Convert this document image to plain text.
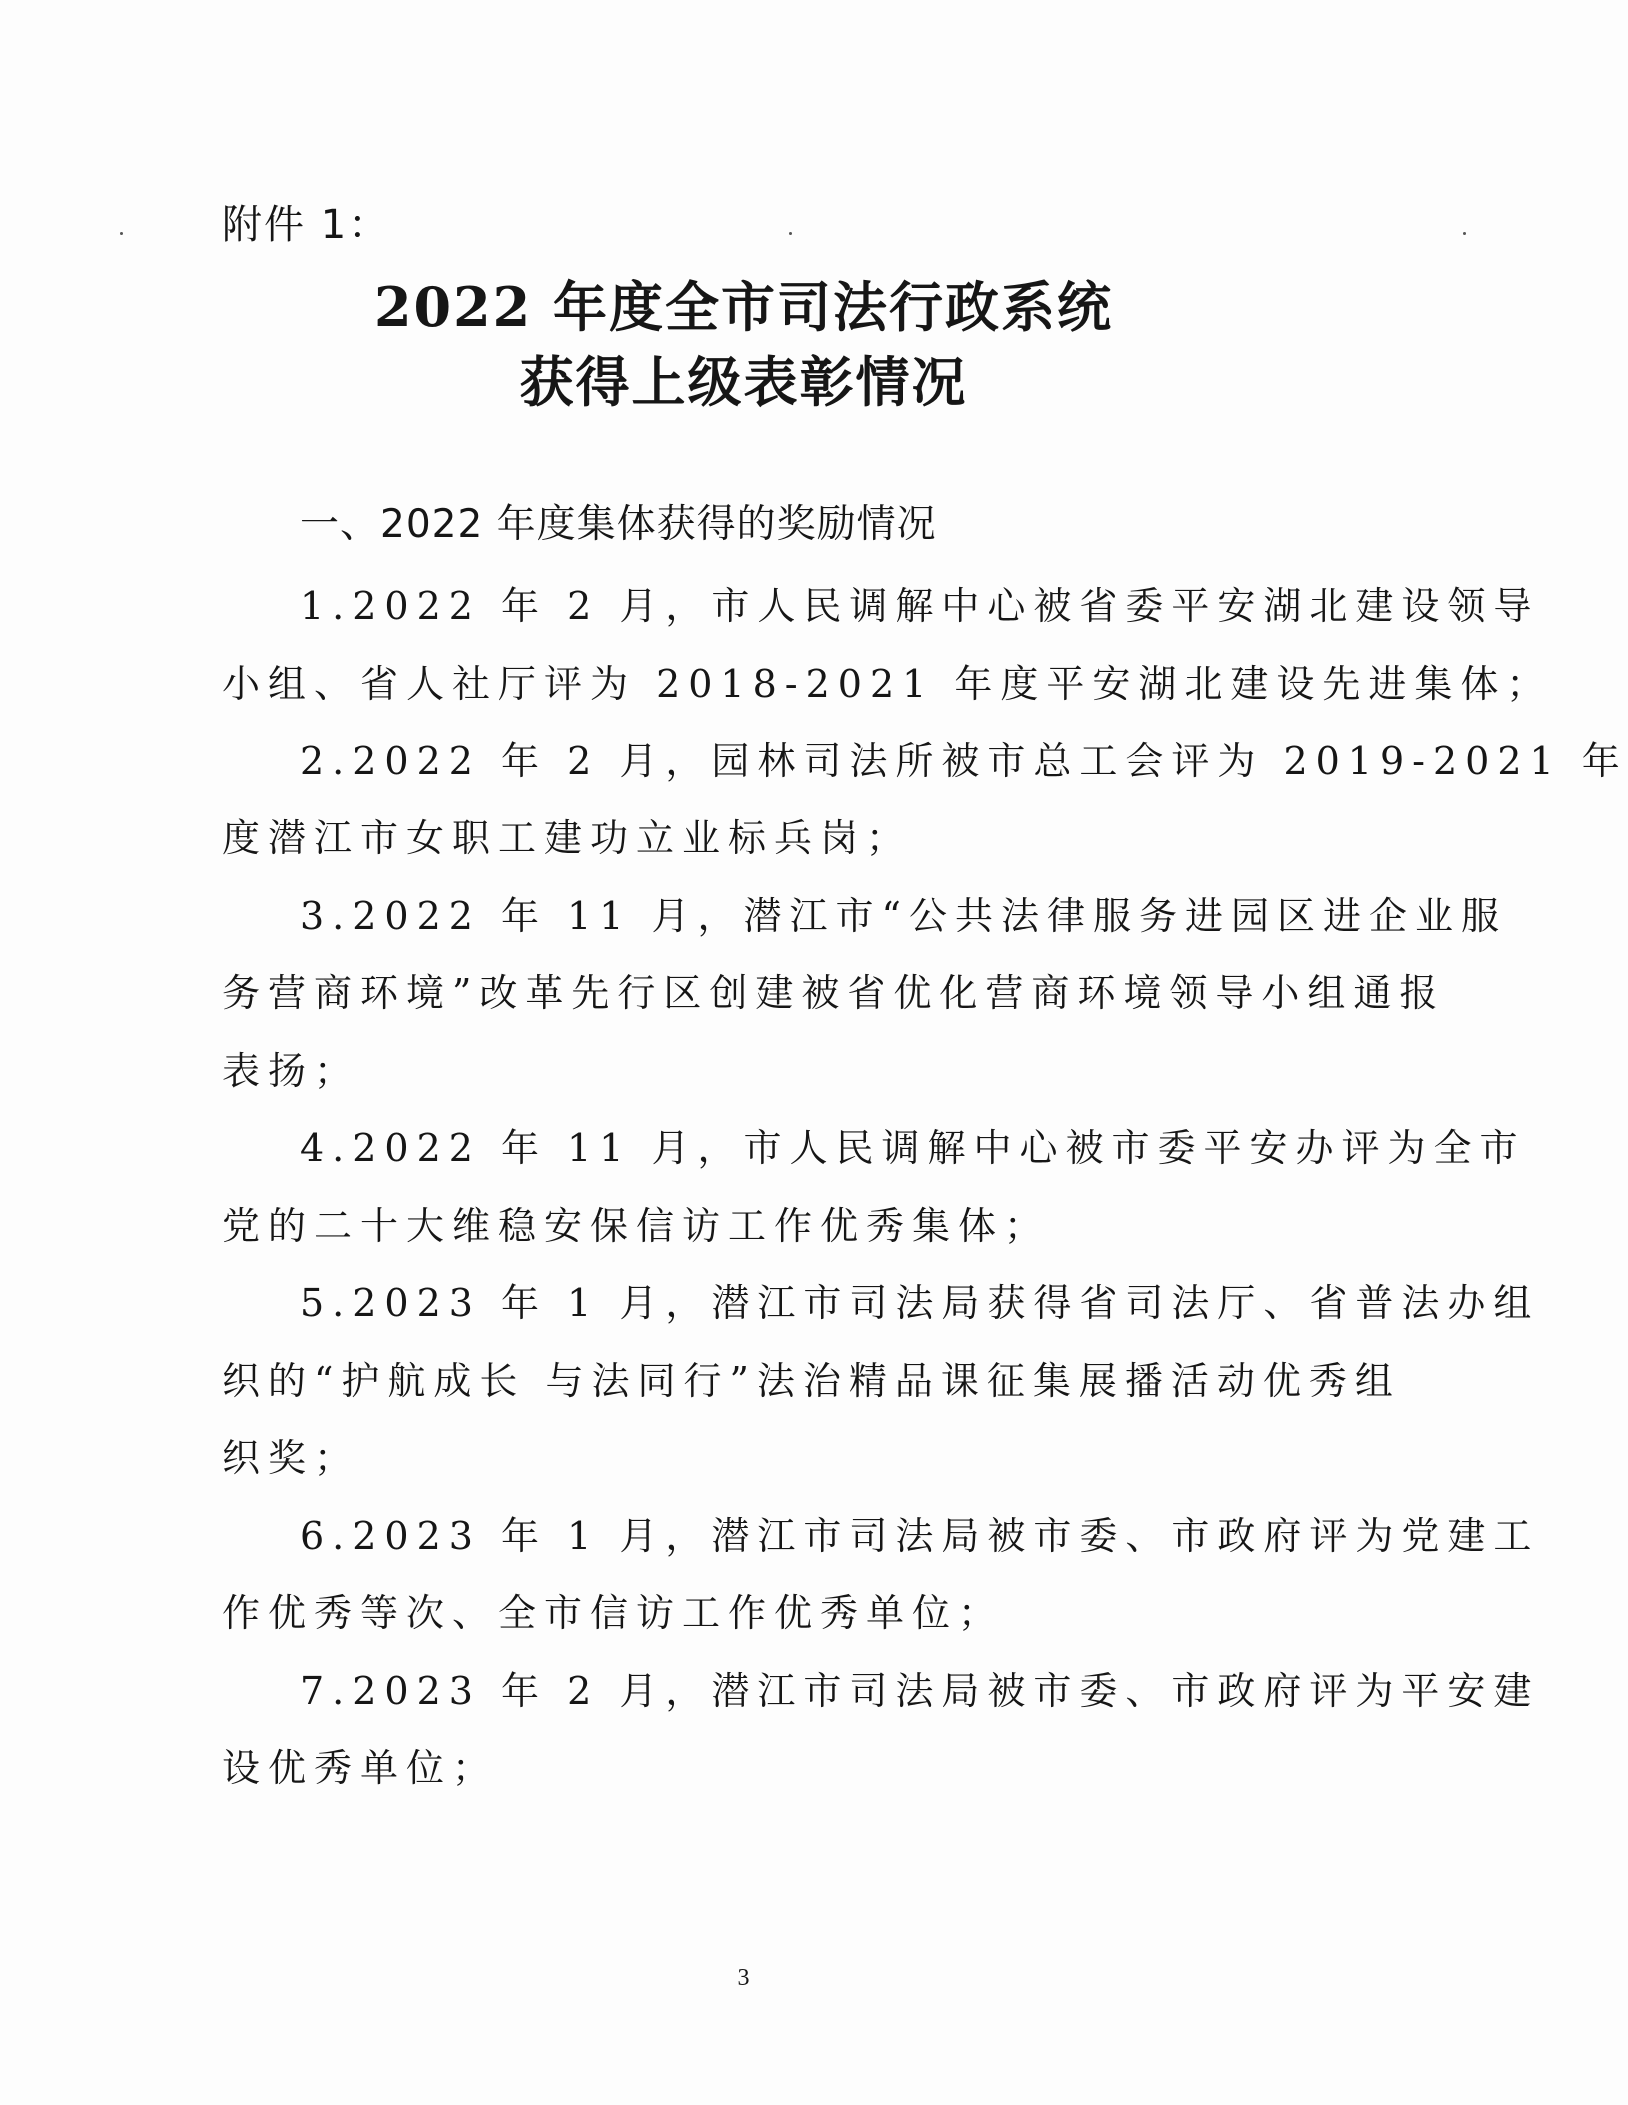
附件 1：
2022 年度全市司法行政系统
获得上级表彰情况
一、2022 年度集体获得的奖励情况
1.2022 年 2 月，市人民调解中心被省委平安湖北建设领导
小组、省人社厅评为 2018-2021 年度平安湖北建设先进集体；
2.2022 年 2 月，园林司法所被市总工会评为 2019-2021 年
度潜江市女职工建功立业标兵岗；
3.2022 年 11 月，潜江市“公共法律服务进园区进企业服
务营商环境”改革先行区创建被省优化营商环境领导小组通报
表扬；
4.2022 年 11 月，市人民调解中心被市委平安办评为全市
党的二十大维稳安保信访工作优秀集体；
5.2023 年 1 月，潜江市司法局获得省司法厅、省普法办组
织的“护航成长 与法同行”法治精品课征集展播活动优秀组
织奖；
6.2023 年 1 月，潜江市司法局被市委、市政府评为党建工
作优秀等次、全市信访工作优秀单位；
7.2023 年 2 月，潜江市司法局被市委、市政府评为平安建
设优秀单位；
3
